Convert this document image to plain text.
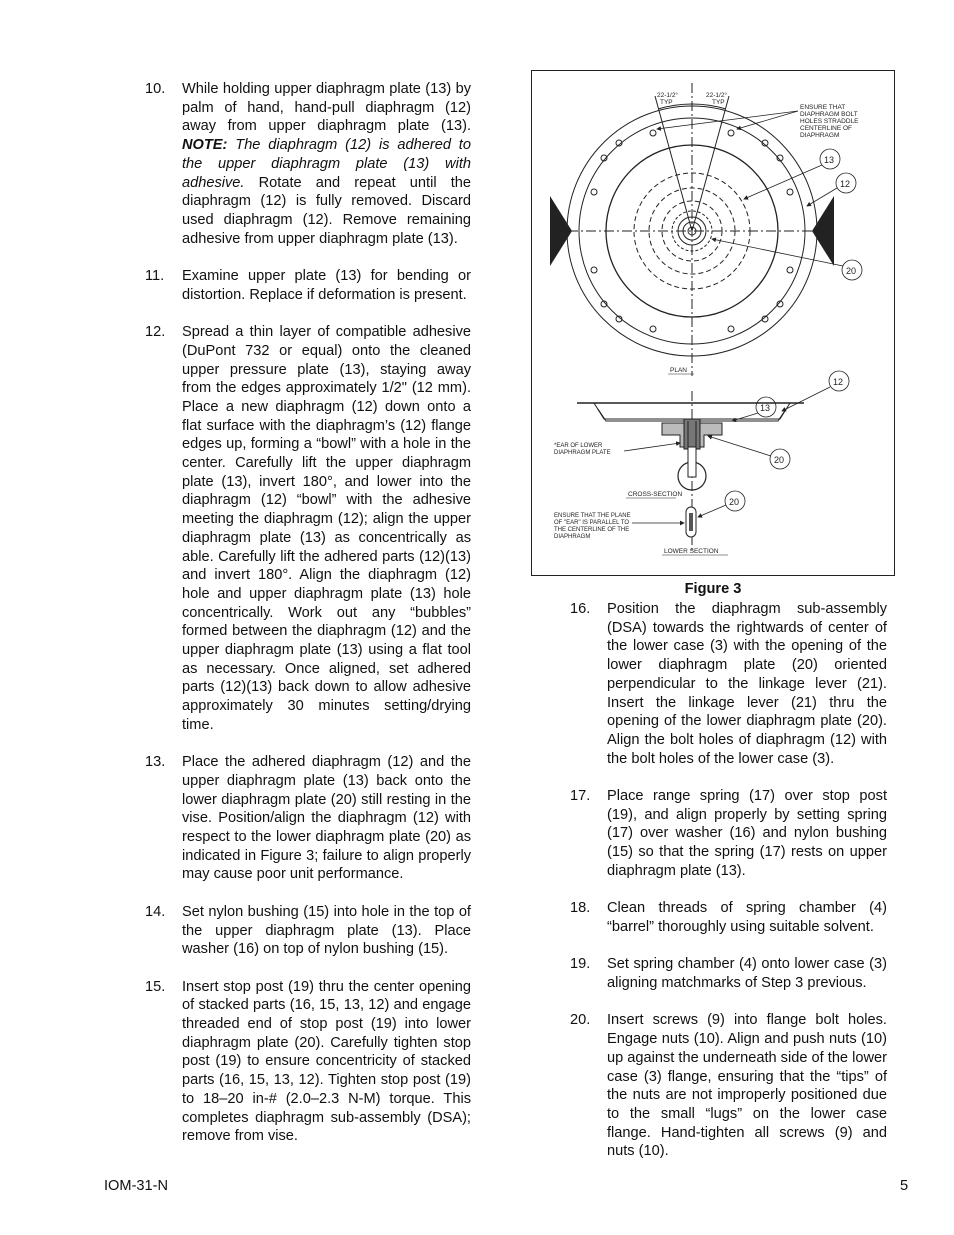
10. While holding upper diaphragm plate (13) by palm of hand, hand-pull diaphragm (12) away from upper diaphragm plate (13). NOTE: The diaphragm (12) is adhered to the upper diaphragm plate (13) with adhesive. Rotate and repeat until the diaphragm (12) is fully removed. Discard used diaphragm (12). Remove remaining adhesive from upper diaphragm plate (13).
11. Examine upper plate (13) for bending or distortion. Replace if deformation is present.
12. Spread a thin layer of compatible adhesive (DuPont 732 or equal) onto the cleaned upper pressure plate (13), staying away from the edges approximately 1/2" (12 mm). Place a new diaphragm (12) down onto a flat surface with the diaphragm’s (12) flange edges up, forming a “bowl” with a hole in the center. Carefully lift the upper diaphragm plate (13), invert 180°, and lower into the diaphragm (12) “bowl” with the adhesive meeting the diaphragm (12); align the upper diaphragm plate (13) as concentrically as able. Carefully lift the adhered parts (12)(13) and invert 180°. Align the diaphragm (12) hole and upper diaphragm plate (13) hole concentrically. Work out any “bubbles” formed between the diaphragm (12) and the upper diaphragm plate (13) using a flat tool as necessary. Once aligned, set adhered parts (12)(13) back down to allow adhesive approximately 30 minutes setting/drying time.
13. Place the adhered diaphragm (12) and the upper diaphragm plate (13) back onto the lower diaphragm plate (20) still resting in the vise. Position/align the diaphragm (12) with respect to the lower diaphragm plate (20) as indicated in Figure 3; failure to align properly may cause poor unit performance.
14. Set nylon bushing (15) into hole in the top of the upper diaphragm plate (13). Place washer (16) on top of nylon bushing (15).
15. Insert stop post (19) thru the center opening of stacked parts (16, 15, 13, 12) and engage threaded end of stop post (19) into lower diaphragm plate (20). Carefully tighten stop post (19) to ensure concentricity of stacked parts (16, 15, 13, 12). Tighten stop post (19) to 18–20 in-# (2.0–2.3 N-M) torque. This completes diaphragm sub-assembly (DSA); remove from vise.
16. Position the diaphragm sub-assembly (DSA) towards the rightwards of center of the lower case (3) with the opening of the lower diaphragm plate (20) oriented perpendicular to the linkage lever (21). Insert the linkage lever (21) thru the opening of the lower diaphragm plate (20). Align the bolt holes of diaphragm (12) with the bolt holes of the lower case (3).
17. Place range spring (17) over stop post (19), and align properly by setting spring (17) over washer (16) and nylon bushing (15) so that the spring (17) rests on upper diaphragm plate (13).
18. Clean threads of spring chamber (4) “barrel” thoroughly using suitable solvent.
19. Set spring chamber (4) onto lower case (3) aligning matchmarks of Step 3 previous.
20. Insert screws (9) into flange bolt holes. Engage nuts (10). Align and push nuts (10) up against the underneath side of the lower case (3) flange, ensuring that the “tips” of the nuts are not improperly positioned due to the small “lugs” on the lower case flange. Hand-tighten all screws (9) and nuts (10).
22-1/2°
TYP
22-1/2°
TYP
ENSURE THAT
DIAPHRAGM BOLT
HOLES STRADDLE
CENTERLINE OF
DIAPHRAGM
13
12
20
PLAN
13
12
20
*EAR OF LOWER
DIAPHRAGM PLATE
CROSS-SECTION
20
ENSURE THAT THE PLANE
OF "EAR" IS PARALLEL TO
THE CENTERLINE OF THE
DIAPHRAGM
LOWER SECTION
Figure 3
IOM-31-N	5
